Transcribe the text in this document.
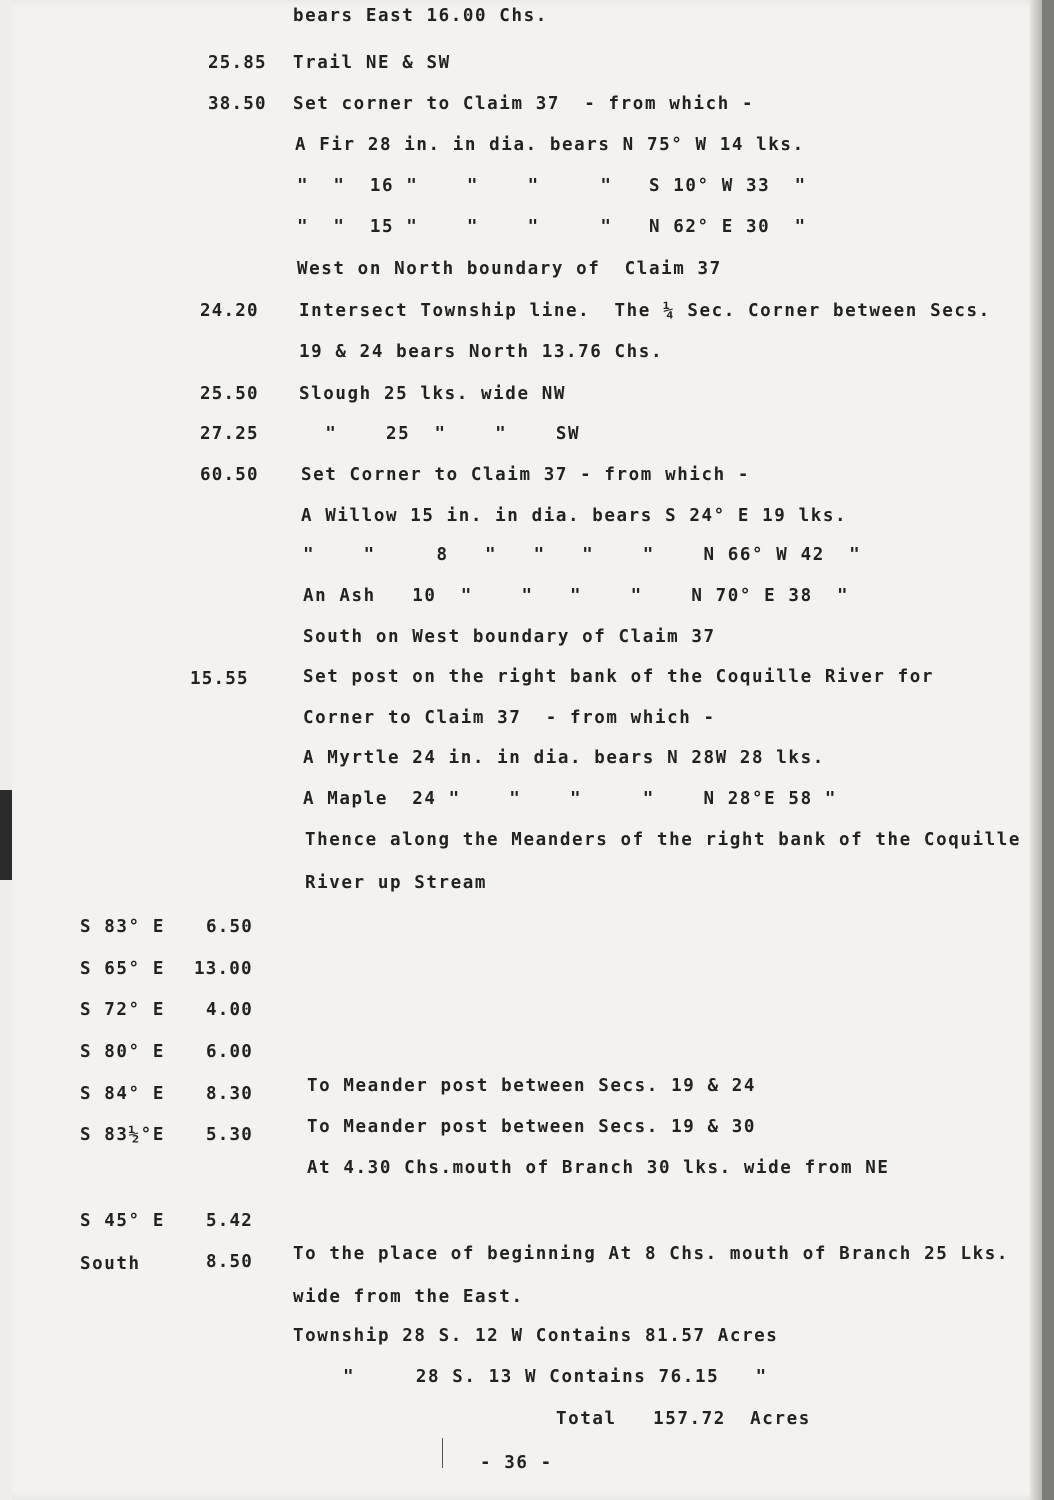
bears East 16.00 Chs.
25.85 Trail NE & SW
38.50 Set corner to Claim 37  - from which -
A Fir 28 in. in dia. bears N 75° W 14 lks.
"  "  16 "    "    "     "   S 10° W 33  "
"  "  15 "    "    "     "   N 62° E 30  "
West on North boundary of  Claim 37
24.20 Intersect Township line.  The ¼ Sec. Corner between Secs.
19 & 24 bears North 13.76 Chs.
25.50 Slough 25 lks. wide NW
27.25 "    25  "    "    SW
60.50 Set Corner to Claim 37 - from which -
A Willow 15 in. in dia. bears S 24° E 19 lks.
"    "     8   "   "   "    "    N 66° W 42  "
An Ash   10  "    "   "    "    N 70° E 38  "
South on West boundary of Claim 37
15.55	Set post on the right bank of the Coquille River for
Corner to Claim 37  - from which -
A Myrtle 24 in. in dia. bears N 28W 28 lks.
A Maple  24 "    "    "     "    N 28°E 58 "
Thence along the Meanders of the right bank of the Coquille
River up Stream
S 83° E 6.50
S 65° E 13.00
S 72° E 4.00
S 80° E 6.00
S 84° E 8.30	To Meander post between Secs. 19 & 24
S 83½°E 5.30	To Meander post between Secs. 19 & 30
At 4.30 Chs.mouth of Branch 30 lks. wide from NE
S 45° E 5.42
South	8.50 To the place of beginning At 8 Chs. mouth of Branch 25 Lks.
wide from the East.
Township 28 S. 12 W Contains 81.57 Acres
"     28 S. 13 W Contains 76.15   "
Total   157.72  Acres
- 36 -
